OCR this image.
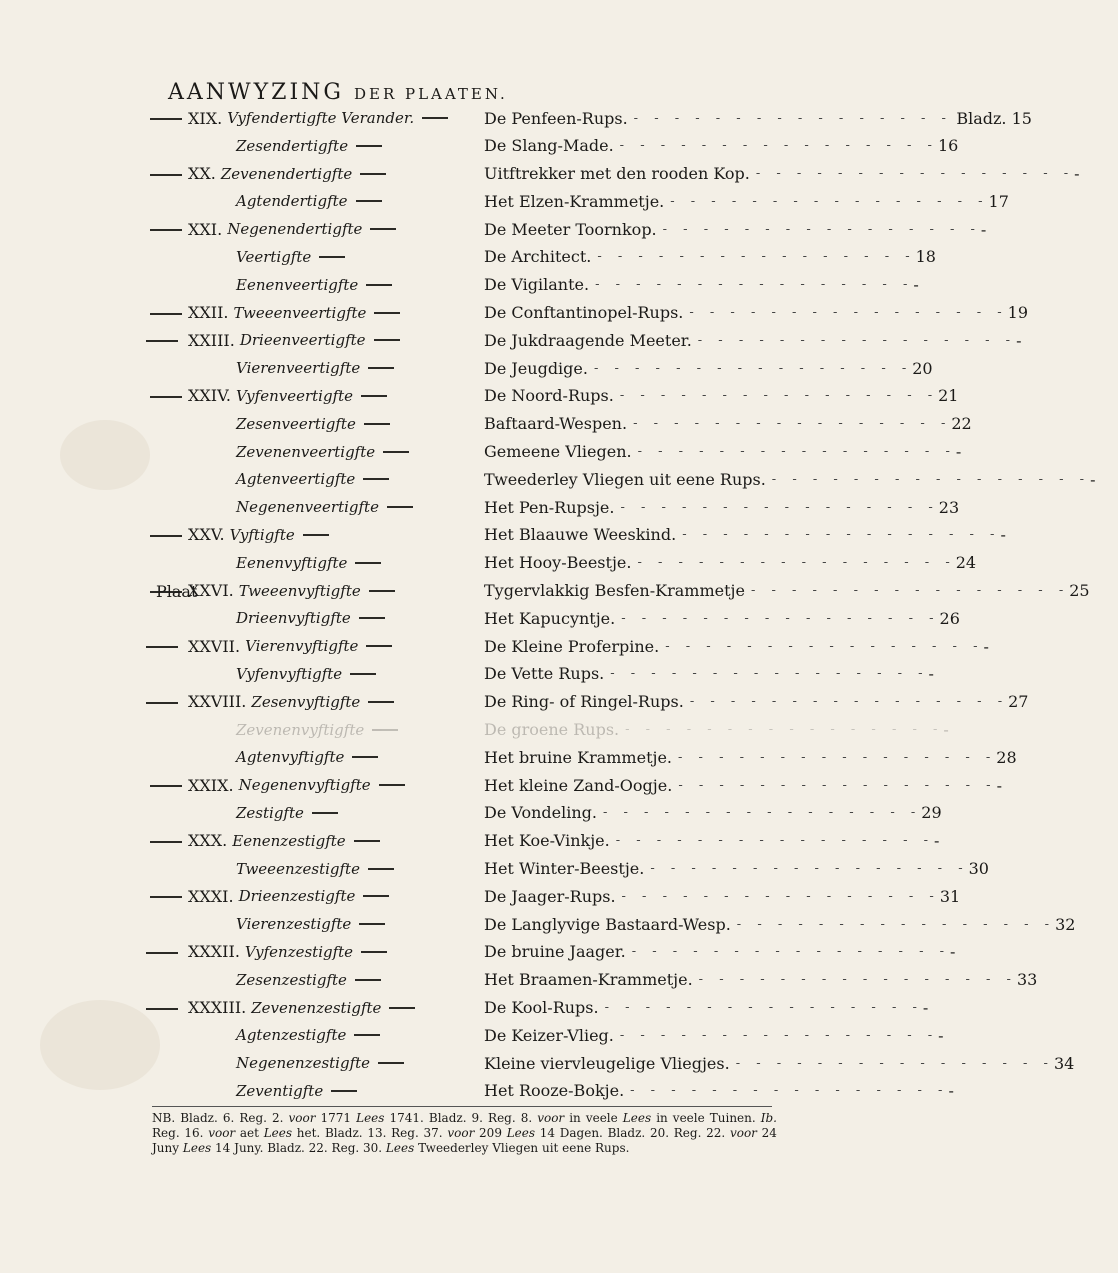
AANWYZING DER PLAATEN.
XIX. Vyfendertigfte Verander.	De Penfeen-Rups. - - - - - - - - - - - - - - - - Bladz. 15
Zesendertigfte	De Slang-Made. - - - - - - - - - - - - - - - - 16
XX. Zevenendertigfte	Uitftrekker met den rooden Kop. - - - - - - - - - - - - - - - - -
Agtendertigfte	Het Elzen-Krammetje. - - - - - - - - - - - - - - - - 17
XXI. Negenendertigfte	De Meeter Toornkop. - - - - - - - - - - - - - - - - -
Veertigfte	De Architect. - - - - - - - - - - - - - - - - 18
Eenenveertigfte	De Vigilante. - - - - - - - - - - - - - - - - -
XXII. Tweeenveertigfte	De Conftantinopel-Rups. - - - - - - - - - - - - - - - - 19
XXIII. Drieenveertigfte	De Jukdraagende Meeter. - - - - - - - - - - - - - - - - -
Vierenveertigfte	De Jeugdige. - - - - - - - - - - - - - - - - 20
XXIV. Vyfenveertigfte	De Noord-Rups. - - - - - - - - - - - - - - - - 21
Zesenveertigfte	Baftaard-Wespen. - - - - - - - - - - - - - - - - 22
Zevenenveertigfte	Gemeene Vliegen. - - - - - - - - - - - - - - - - -
Agtenveertigfte	Tweederley Vliegen uit eene Rups. - - - - - - - - - - - - - - - - -
Negenenveertigfte	Het Pen-Rupsje. - - - - - - - - - - - - - - - - 23
XXV. Vyftigfte	Het Blaauwe Weeskind. - - - - - - - - - - - - - - - - -
Eenenvyftigfte	Het Hooy-Beestje. - - - - - - - - - - - - - - - - 24
Plaat
XXVI. Tweeenvyftigfte	Tygervlakkig Besfen-Krammetje - - - - - - - - - - - - - - - - 25
Drieenvyftigfte	Het Kapucyntje. - - - - - - - - - - - - - - - - 26
XXVII. Vierenvyftigfte	De Kleine Proferpine. - - - - - - - - - - - - - - - - -
Vyfenvyftigfte	De Vette Rups. - - - - - - - - - - - - - - - - -
XXVIII. Zesenvyftigfte	De Ring- of Ringel-Rups. - - - - - - - - - - - - - - - - 27
Zevenenvyftigfte	De groene Rups. - - - - - - - - - - - - - - - - -
Agtenvyftigfte	Het bruine Krammetje. - - - - - - - - - - - - - - - - 28
XXIX. Negenenvyftigfte	Het kleine Zand-Oogje. - - - - - - - - - - - - - - - - -
Zestigfte	De Vondeling. - - - - - - - - - - - - - - - - 29
XXX. Eenenzestigfte	Het Koe-Vinkje. - - - - - - - - - - - - - - - - -
Tweeenzestigfte	Het Winter-Beestje. - - - - - - - - - - - - - - - - 30
XXXI. Drieenzestigfte	De Jaager-Rups. - - - - - - - - - - - - - - - - 31
Vierenzestigfte	De Langlyvige Bastaard-Wesp. - - - - - - - - - - - - - - - - 32
XXXII. Vyfenzestigfte	De bruine Jaager. - - - - - - - - - - - - - - - - -
Zesenzestigfte	Het Braamen-Krammetje. - - - - - - - - - - - - - - - - 33
XXXIII. Zevenenzestigfte	De Kool-Rups. - - - - - - - - - - - - - - - - -
Agtenzestigfte	De Keizer-Vlieg. - - - - - - - - - - - - - - - - -
Negenenzestigfte	Kleine viervleugelige Vliegjes. - - - - - - - - - - - - - - - - 34
Zeventigfte	Het Rooze-Bokje. - - - - - - - - - - - - - - - - -
NB. Bladz. 6. Reg. 2. voor 1771 Lees 1741. Bladz. 9. Reg. 8. voor in veele Lees in veele Tuinen. Ib. Reg. 16. voor aet Lees het. Bladz. 13. Reg. 37. voor 209 Lees 14 Dagen. Bladz. 20. Reg. 22. voor 24 Juny Lees 14 Juny. Bladz. 22. Reg. 30. Lees Tweederley Vliegen uit eene Rups.
